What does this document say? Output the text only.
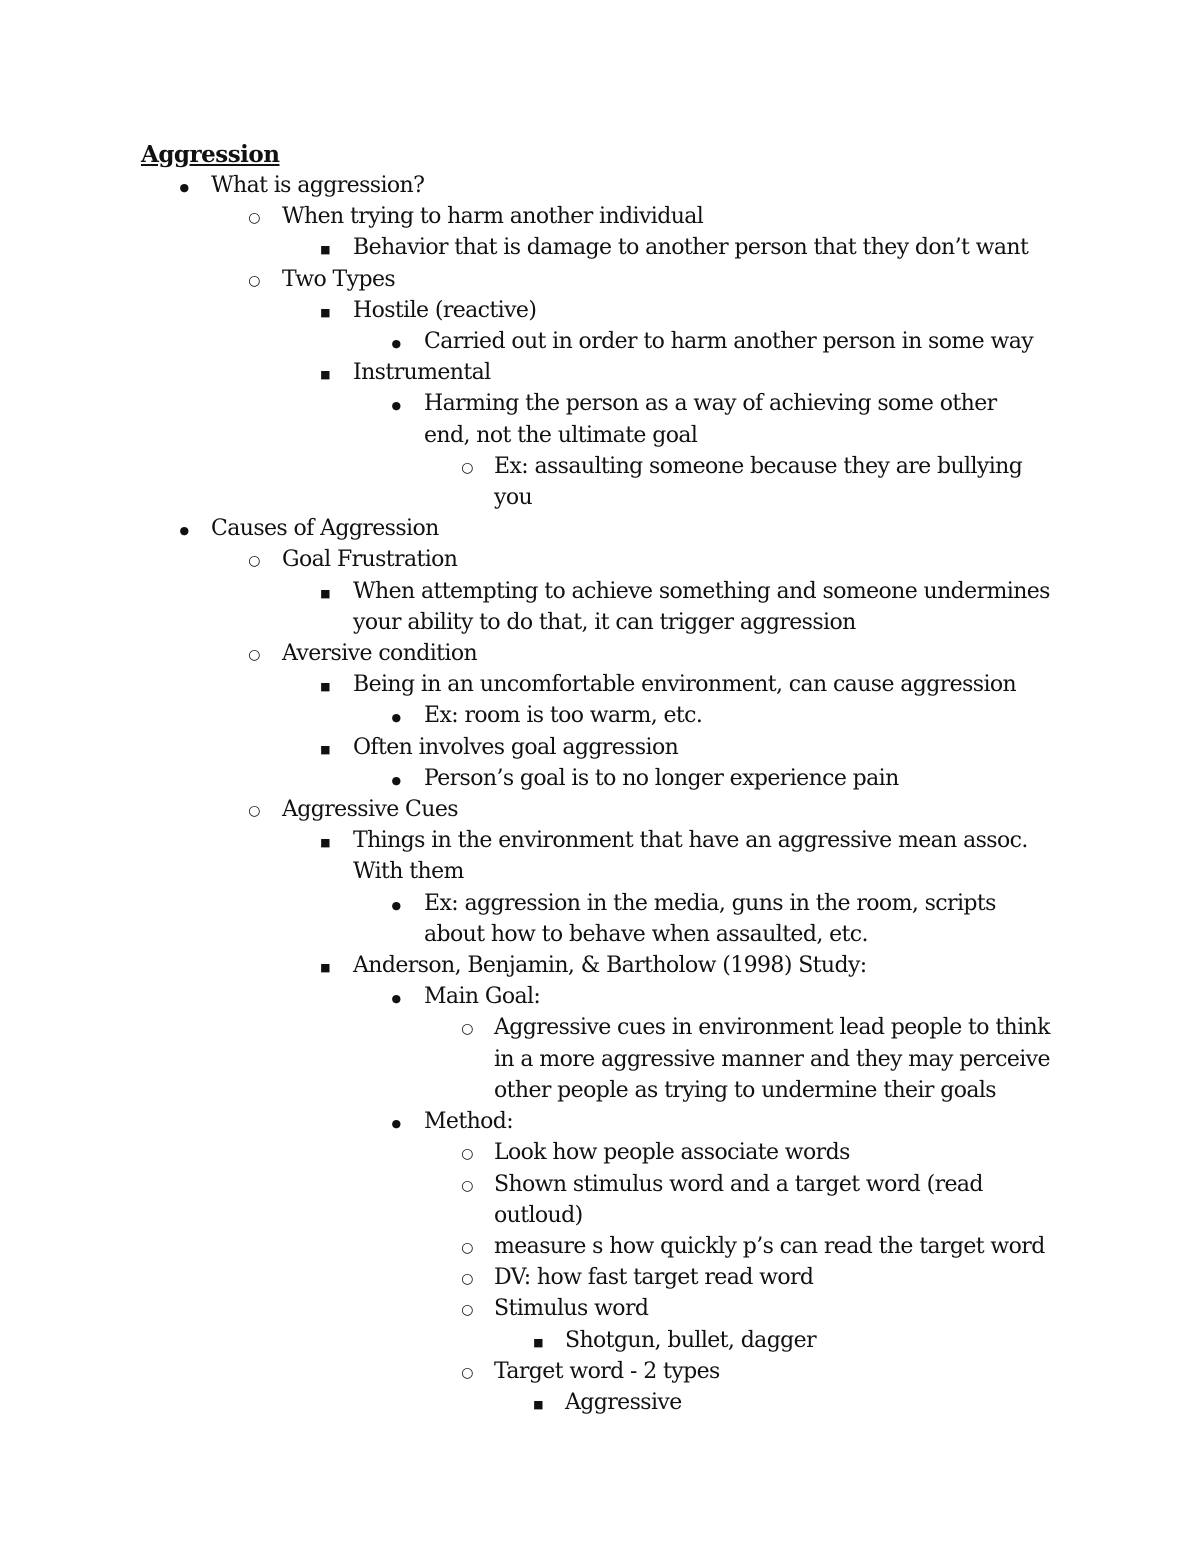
Aggression
●
What is aggression?
○
When trying to harm another individual
■
Behavior that is damage to another person that they don’t want
○
Two Types
■
Hostile (reactive)
●
Carried out in order to harm another person in some way
■
Instrumental
●
Harming the person as a way of achieving some other end, not the ultimate goal
○
Ex: assaulting someone because they are bullying you
●
Causes of Aggression
○
Goal Frustration
■
When attempting to achieve something and someone undermines your ability to do that, it can trigger aggression
○
Aversive condition
■
Being in an uncomfortable environment, can cause aggression
●
Ex: room is too warm, etc.
■
Often involves goal aggression
●
Person’s goal is to no longer experience pain
○
Aggressive Cues
■
Things in the environment that have an aggressive mean assoc. With them
●
Ex: aggression in the media, guns in the room, scripts about how to behave when assaulted, etc.
■
Anderson, Benjamin, & Bartholow (1998) Study:
●
Main Goal:
○
Aggressive cues in environment lead people to think in a more aggressive manner and they may perceive other people as trying to undermine their goals
●
Method:
○
Look how people associate words
○
Shown stimulus word and a target word (read outloud)
○
measure s how quickly p’s can read the target word
○
DV: how fast target read word
○
Stimulus word
■
Shotgun, bullet, dagger
○
Target word - 2 types
■
Aggressive
